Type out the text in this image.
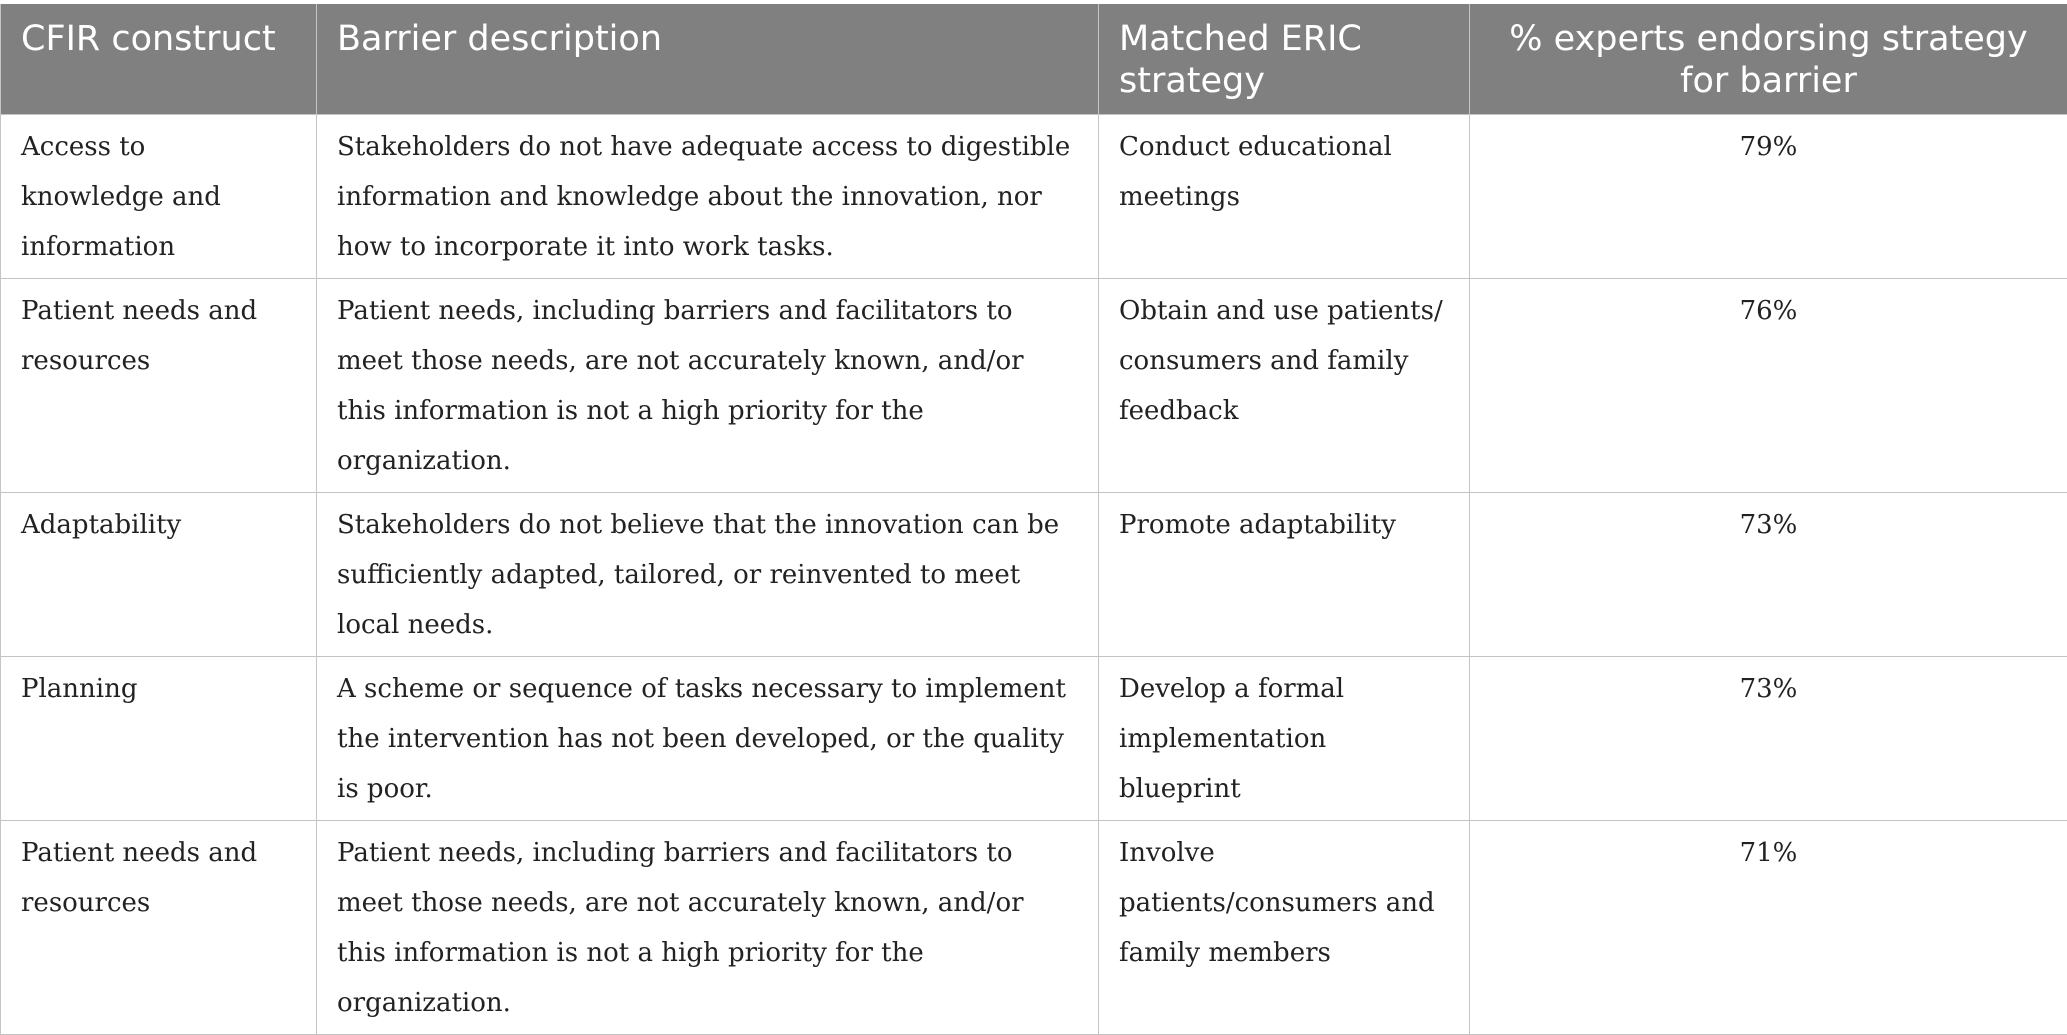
CFIR construct	Barrier description	Matched ERIC strategy	% experts endorsing strategy for barrier
Access to knowledge and information	Stakeholders do not have adequate access to digestible information and knowledge about the innovation, nor how to incorporate it into work tasks.	Conduct educational meetings	79%
Patient needs and resources	Patient needs, including barriers and facilitators to meet those needs, are not accurately known, and/or this information is not a high priority for the organization.	Obtain and use patients/ consumers and family feedback	76%
Adaptability	Stakeholders do not believe that the innovation can be sufficiently adapted, tailored, or reinvented to meet local needs.	Promote adaptability	73%
Planning	A scheme or sequence of tasks necessary to implement the intervention has not been developed, or the quality is poor.	Develop a formal implementation blueprint	73%
Patient needs and resources	Patient needs, including barriers and facilitators to meet those needs, are not accurately known, and/or this information is not a high priority for the organization.	Involve patients/consumers and family members	71%
